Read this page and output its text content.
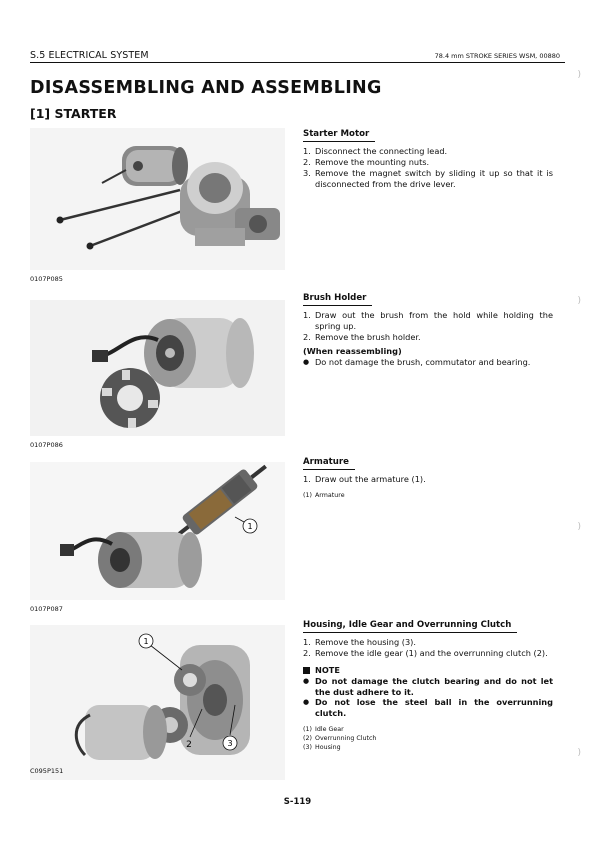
S.5 ELECTRICAL SYSTEM	78.4 mm STROKE SERIES WSM, 00880
DISASSEMBLING AND ASSEMBLING
[1] STARTER
Starter Motor
1. Disconnect the connecting lead.
2. Remove the mounting nuts.
3. Remove the magnet switch by sliding it up so that it is disconnected from the drive lever.
Brush Holder
1. Draw out the brush from the hold while holding the spring up.
2. Remove the brush holder.
(When reassembling)
● Do not damage the brush, commutator and bearing.
Armature
1. Draw out the armature (1).
(1) Armature
Housing, Idle Gear and Overrunning Clutch
1. Remove the housing (3).
2. Remove the idle gear (1) and the overrunning clutch (2).
NOTE
● Do not damage the clutch bearing and do not let the dust adhere to it.
● Do not lose the steel ball in the overrunning clutch.
(1) Idle Gear
(2) Overrunning Clutch
(3) Housing
0107P085
0107P086
1
0107P087
1
2	3
C095P151
S-119
)
)
)
)
